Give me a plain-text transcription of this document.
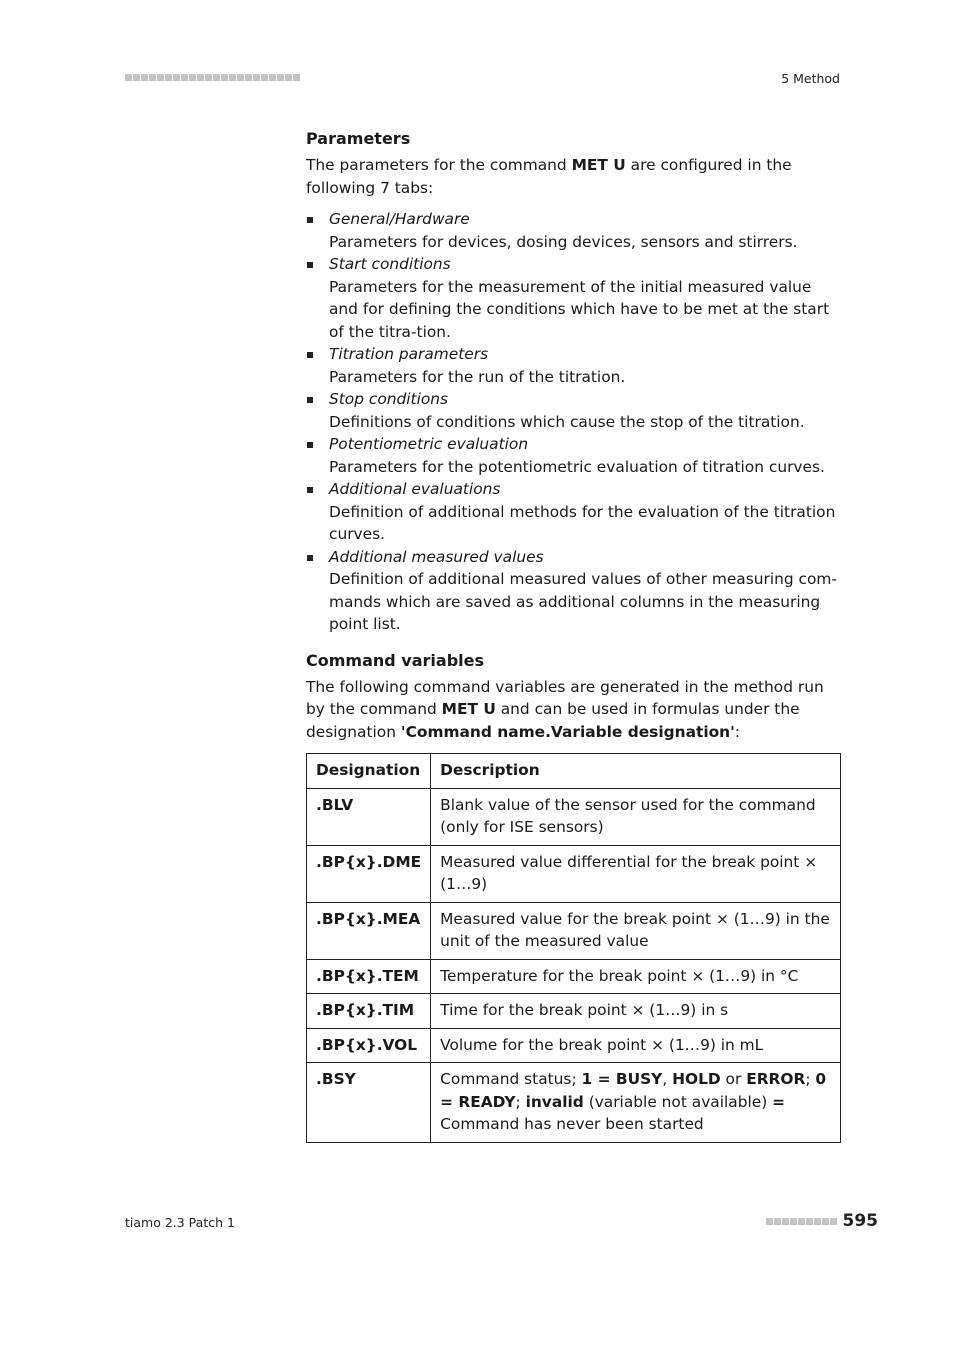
5 Method
Parameters

The parameters for the command MET U are configured in the following 7 tabs:

General/Hardware
Parameters for devices, dosing devices, sensors and stirrers.
Start conditions
Parameters for the measurement of the initial measured value and for defining the conditions which have to be met at the start of the titra-tion.
Titration parameters
Parameters for the run of the titration.
Stop conditions
Definitions of conditions which cause the stop of the titration.
Potentiometric evaluation
Parameters for the potentiometric evaluation of titration curves.
Additional evaluations
Definition of additional methods for the evaluation of the titration curves.
Additional measured values
Definition of additional measured values of other measuring com-mands which are saved as additional columns in the measuring point list.
Command variables

The following command variables are generated in the method run by the command MET U and can be used in formulas under the designation 'Command name.Variable designation':

Designation	Description
.BLV	Blank value of the sensor used for the command (only for ISE sensors)
.BP{x}.DME	Measured value differential for the break point × (1…9)
.BP{x}.MEA	Measured value for the break point × (1…9) in the unit of the measured value
.BP{x}.TEM	Temperature for the break point × (1…9) in °C
.BP{x}.TIM	Time for the break point × (1…9) in s
.BP{x}.VOL	Volume for the break point × (1…9) in mL
.BSY	Command status; 1 = BUSY, HOLD or ERROR; 0 = READY; invalid (variable not available) = Command has never been started
tiamo 2.3 Patch 1	595
